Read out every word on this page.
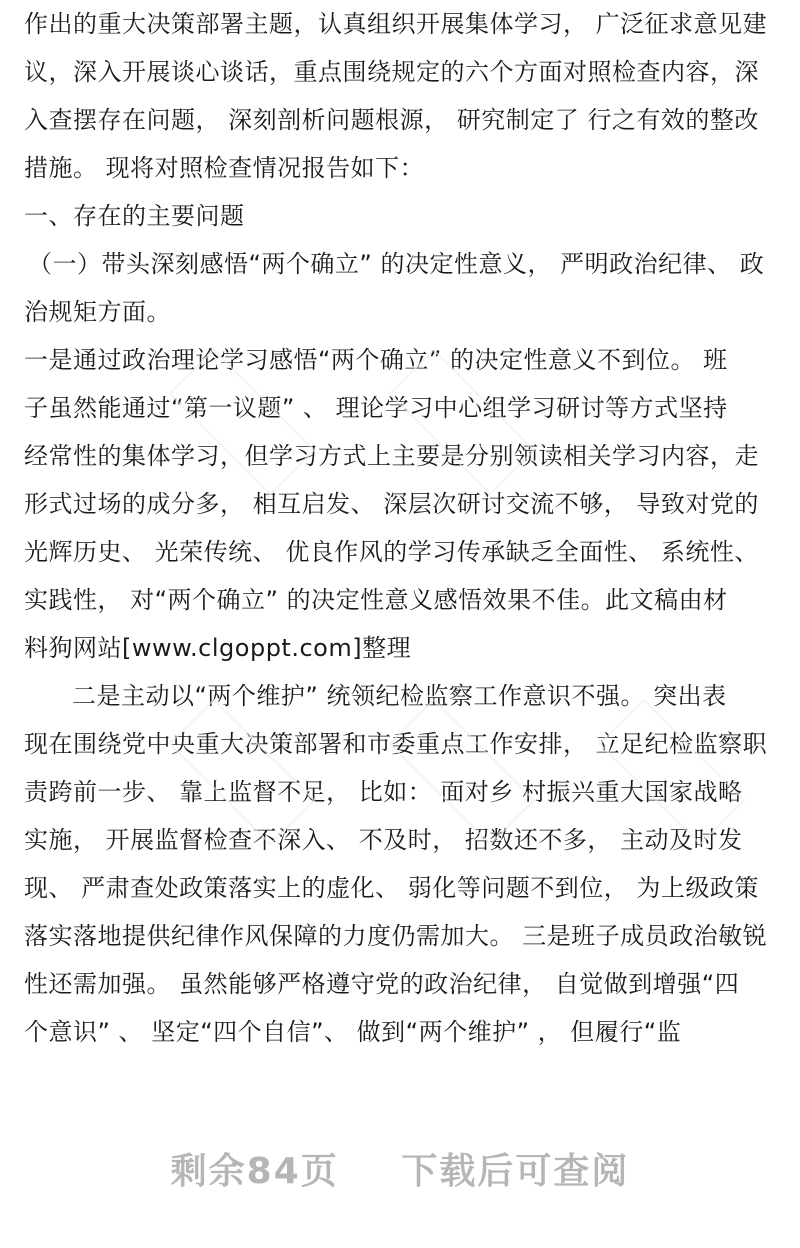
作出的重大决策部署主题，认真组织开展集体学习， 广泛征求意见建
议，深入开展谈心谈话，重点围绕规定的六个方面对照检查内容，深
入查摆存在问题， 深刻剖析问题根源， 研究制定了 行之有效的整改
措施。 现将对照检查情况报告如下：
一、存在的主要问题
（一）带头深刻感悟“两个确立” 的决定性意义， 严明政治纪律、 政
治规矩方面。
一是通过政治理论学习感悟“两个确立” 的决定性意义不到位。 班
子虽然能通过“第一议题” 、 理论学习中心组学习研讨等方式坚持
经常性的集体学习，但学习方式上主要是分别领读相关学习内容，走
形式过场的成分多， 相互启发、 深层次研讨交流不够， 导致对党的
光辉历史、 光荣传统、 优良作风的学习传承缺乏全面性、 系统性、
实践性， 对“两个确立” 的决定性意义感悟效果不佳。此文稿由材
料狗网站[www.clgoppt.com]整理
二是主动以“两个维护” 统领纪检监察工作意识不强。 突出表
现在围绕党中央重大决策部署和市委重点工作安排， 立足纪检监察职
责跨前一步、 靠上监督不足， 比如： 面对乡 村振兴重大国家战略
实施， 开展监督检查不深入、 不及时， 招数还不多， 主动及时发
现、 严肃查处政策落实上的虚化、 弱化等问题不到位， 为上级政策
落实落地提供纪律作风保障的力度仍需加大。 三是班子成员政治敏锐
性还需加强。 虽然能够严格遵守党的政治纪律， 自觉做到增强“四
个意识” 、 坚定“四个自信”、 做到“两个维护” ， 但履行“监
剩余84页 下载后可查阅
